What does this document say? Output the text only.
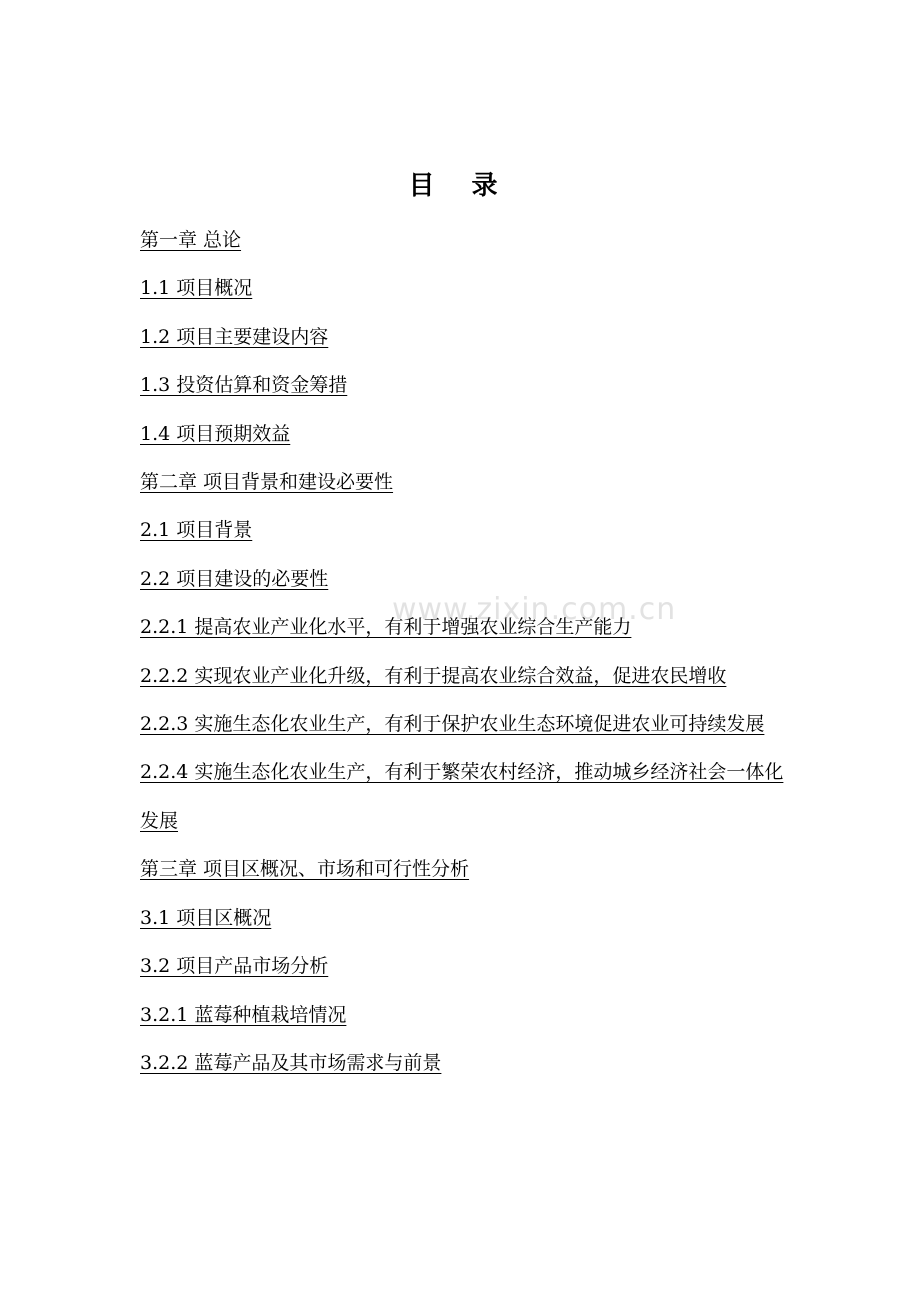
目 录
第一章 总论
1.1 项目概况
1.2 项目主要建设内容
1.3 投资估算和资金筹措
1.4 项目预期效益
第二章 项目背景和建设必要性
2.1 项目背景
2.2 项目建设的必要性
2.2.1 提高农业产业化水平，有利于增强农业综合生产能力
2.2.2 实现农业产业化升级，有利于提高农业综合效益，促进农民增收
2.2.3 实施生态化农业生产，有利于保护农业生态环境促进农业可持续发展
2.2.4 实施生态化农业生产，有利于繁荣农村经济，推动城乡经济社会一体化发展
第三章 项目区概况、市场和可行性分析
3.1 项目区概况
3.2 项目产品市场分析
3.2.1 蓝莓种植栽培情况
3.2.2 蓝莓产品及其市场需求与前景
www.zixin.com.cn
